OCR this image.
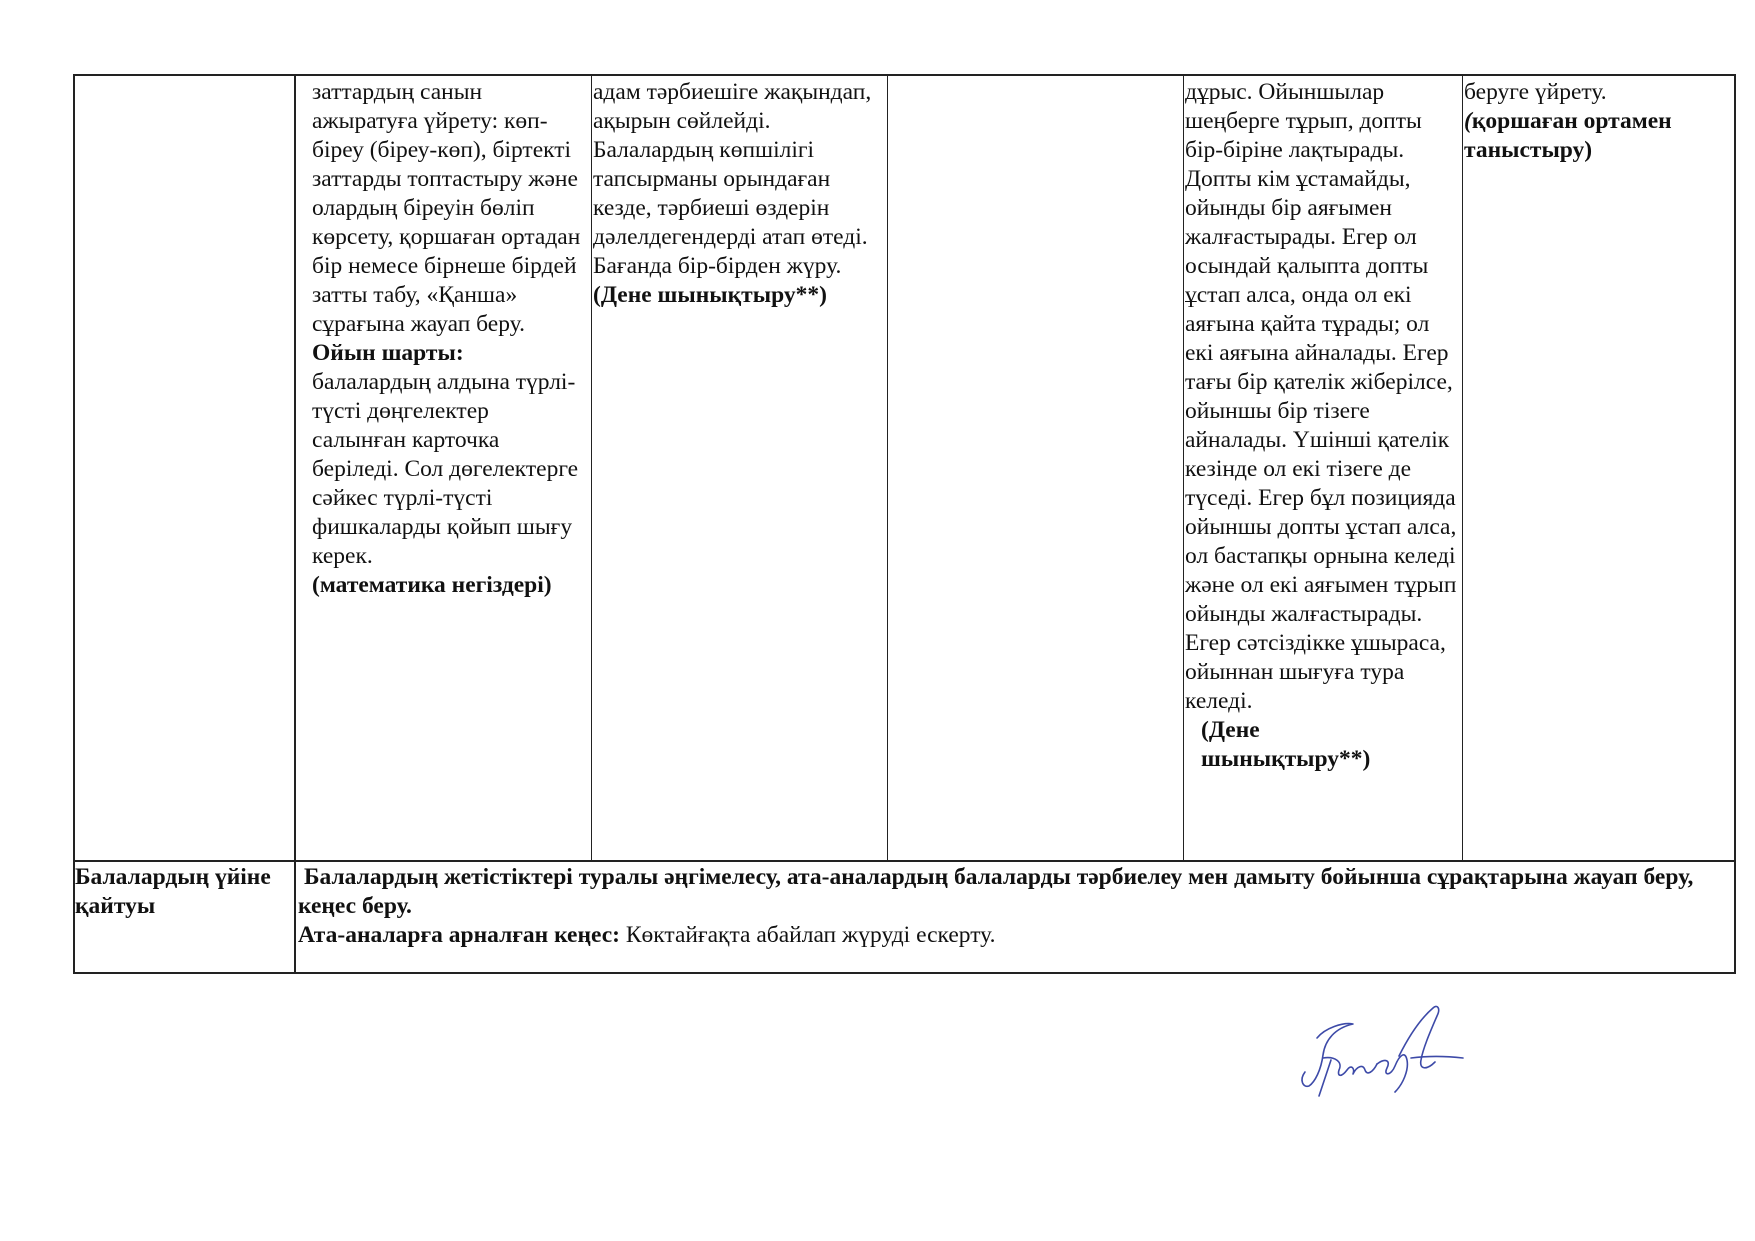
заттардың санын ажыратуға үйрету: көп-біреу (біреу-көп), біртекті заттарды топтастыру және олардың біреуін бөліп көрсету, қоршаған ортадан бір немесе бірнеше бірдей затты табу, «Қанша» сұрағына жауап беру.

Ойын шарты:

балалардың алдына түрлі-түсті дөңгелектер салынған карточка беріледі. Сол дөгелектерге сәйкес түрлі-түсті фишкаларды қойып шығу керек.

(математика негіздері)

адам тәрбиешіге жақындап, ақырын сөйлейді. Балалардың көпшілігі тапсырманы орындаған кезде, тәрбиеші өздерін дәлелдегендерді атап өтеді. Бағанда бір-бірден жүру.

(Дене шынықтыру**)

дұрыс. Ойыншылар шеңберге тұрып, допты бір-біріне лақтырады. Допты кім ұстамайды, ойынды бір аяғымен жалғастырады. Егер ол осындай қалыпта допты ұстап алса, онда ол екі аяғына қайта тұрады; ол екі аяғына айналады. Егер тағы бір қателік жіберілсе, ойыншы бір тізеге айналады. Үшінші қателік кезінде ол екі тізеге де түседі. Егер бұл позицияда ойыншы допты ұстап алса, ол бастапқы орнына келеді және ол екі аяғымен тұрып ойынды жалғастырады. Егер сәтсіздікке ұшыраса, ойыннан шығуға тура келеді.

(Дене шынықтыру**)

беруге үйрету.

(қоршаған ортамен таныстыру)

Балалардың үйіне қайтуы

Балалардың жетістіктері туралы әңгімелесу, ата-аналардың балаларды тәрбиелеу мен дамыту бойынша сұрақтарына жауап беру, кеңес беру.

Ата-аналарға арналған кеңес: Көктайғақта абайлап жүруді ескерту.
